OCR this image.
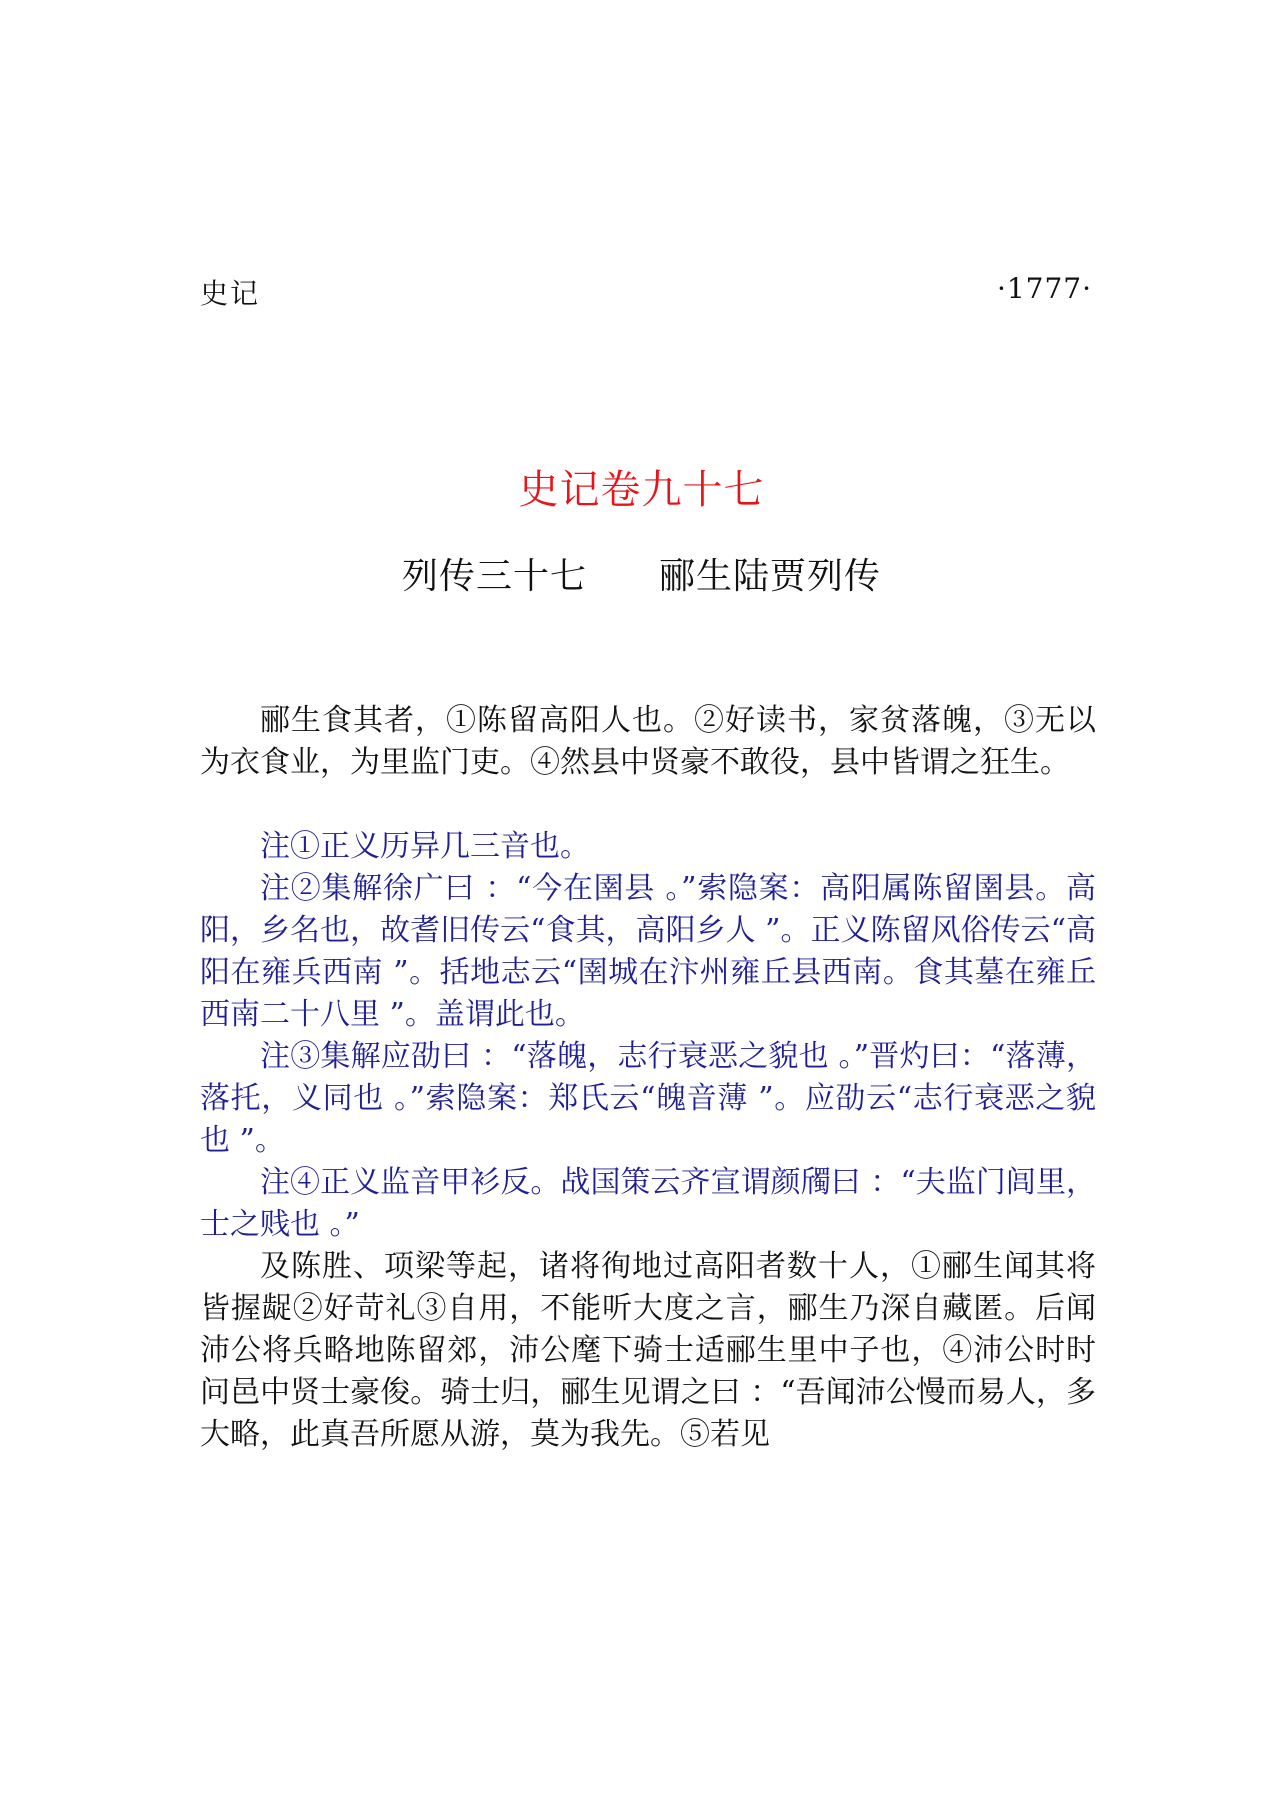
史记	·1777·
史记卷九十七
列传三十七 郦生陆贾列传

郦生食其者，①陈留高阳人也。②好读书，家贫落魄，③无以为衣食业，为里监门吏。④然县中贤豪不敢役，县中皆谓之狂生。

注①正义历异几三音也。

注②集解徐广曰 ：“今在圉县 。”索隐案：高阳属陈留圉县。高阳，乡名也，故耆旧传云“食其，高阳乡人 ”。正义陈留风俗传云“高阳在雍兵西南 ”。括地志云“圉城在汴州雍丘县西南。食其墓在雍丘西南二十八里 ”。盖谓此也。

注③集解应劭曰 ：“落魄，志行衰恶之貌也 。”晋灼曰：“落薄，落托，义同也 。”索隐案：郑氏云“魄音薄 ”。应劭云“志行衰恶之貌也 ”。

注④正义监音甲衫反。战国策云齐宣谓颜斶曰 ：“夫监门闾里，士之贱也 。”

及陈胜、项梁等起，诸将徇地过高阳者数十人，①郦生闻其将皆握龊②好苛礼③自用，不能听大度之言，郦生乃深自藏匿。后闻沛公将兵略地陈留郊，沛公麾下骑士适郦生里中子也，④沛公时时问邑中贤士豪俊。骑士归，郦生见谓之曰 ：“吾闻沛公慢而易人，多大略，此真吾所愿从游，莫为我先。⑤若见
